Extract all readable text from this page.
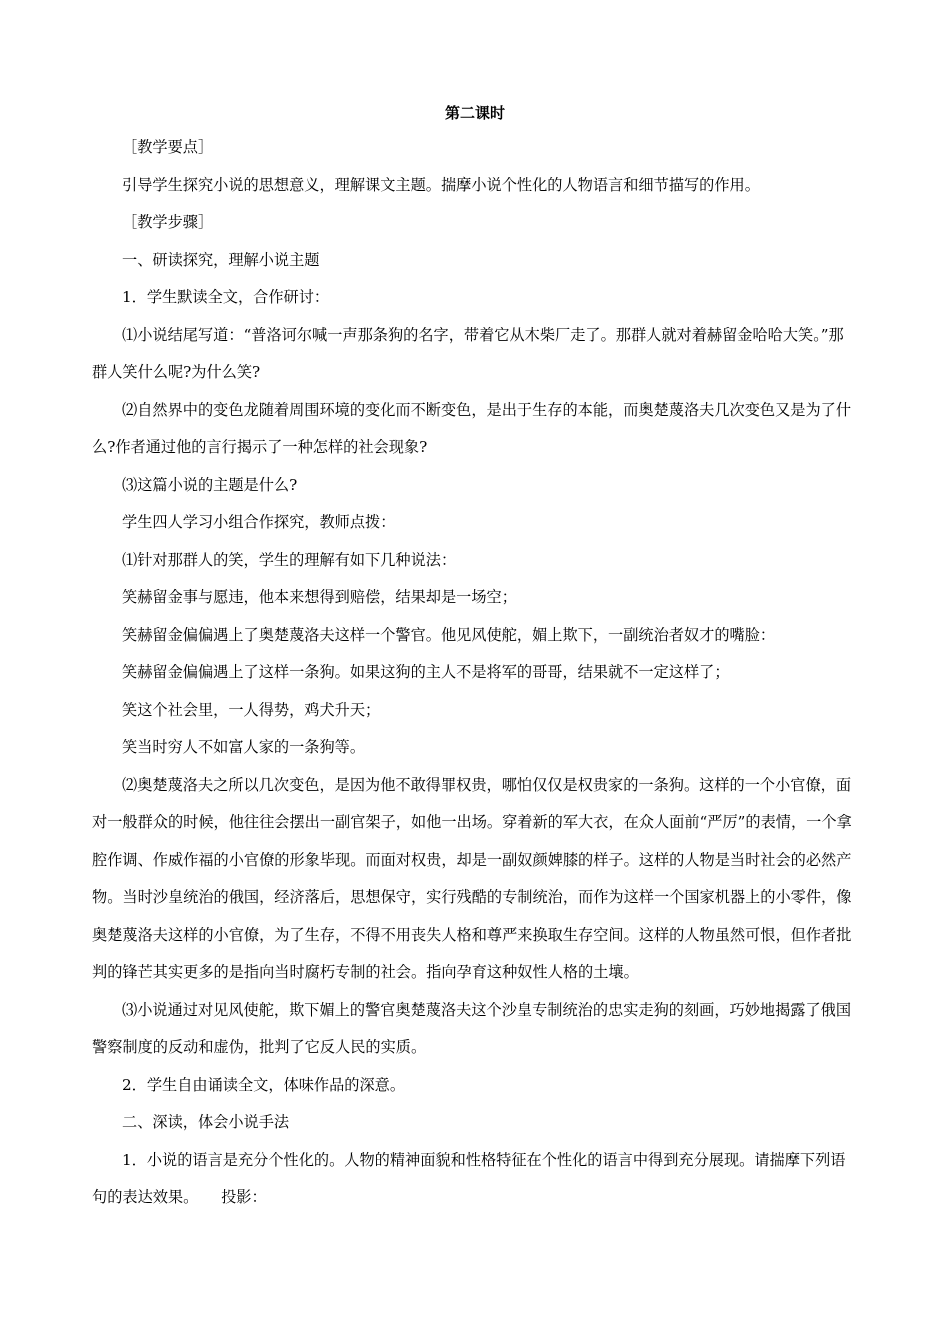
第二课时

［教学要点］

引导学生探究小说的思想意义，理解课文主题。揣摩小说个性化的人物语言和细节描写的作用。

［教学步骤］

一、研读探究，理解小说主题

1．学生默读全文，合作研讨：

⑴小说结尾写道：“普洛诃尔喊一声那条狗的名字，带着它从木柴厂走了。那群人就对着赫留金哈哈大笑。”那群人笑什么呢?为什么笑?

⑵自然界中的变色龙随着周围环境的变化而不断变色，是出于生存的本能，而奥楚蔑洛夫几次变色又是为了什么?作者通过他的言行揭示了一种怎样的社会现象?

⑶这篇小说的主题是什么?

学生四人学习小组合作探究，教师点拨：

⑴针对那群人的笑，学生的理解有如下几种说法：

笑赫留金事与愿违，他本来想得到赔偿，结果却是一场空；

笑赫留金偏偏遇上了奥楚蔑洛夫这样一个警官。他见风使舵，媚上欺下，一副统治者奴才的嘴脸：

笑赫留金偏偏遇上了这样一条狗。如果这狗的主人不是将军的哥哥，结果就不一定这样了；

笑这个社会里，一人得势，鸡犬升天；

笑当时穷人不如富人家的一条狗等。

⑵奥楚蔑洛夫之所以几次变色，是因为他不敢得罪权贵，哪怕仅仅是权贵家的一条狗。这样的一个小官僚，面对一般群众的时候，他往往会摆出一副官架子，如他一出场。穿着新的军大衣，在众人面前“严厉”的表情，一个拿腔作调、作威作福的小官僚的形象毕现。而面对权贵，却是一副奴颜婢膝的样子。这样的人物是当时社会的必然产物。当时沙皇统治的俄国，经济落后，思想保守，实行残酷的专制统治，而作为这样一个国家机器上的小零件，像奥楚蔑洛夫这样的小官僚，为了生存，不得不用丧失人格和尊严来换取生存空间。这样的人物虽然可恨，但作者批判的锋芒其实更多的是指向当时腐朽专制的社会。指向孕育这种奴性人格的土壤。

⑶小说通过对见风使舵，欺下媚上的警官奥楚蔑洛夫这个沙皇专制统治的忠实走狗的刻画，巧妙地揭露了俄国警察制度的反动和虚伪，批判了它反人民的实质。

2．学生自由诵读全文，体味作品的深意。

二、深读，体会小说手法

1．小说的语言是充分个性化的。人物的精神面貌和性格特征在个性化的语言中得到充分展现。请揣摩下列语句的表达效果。　　投影：
